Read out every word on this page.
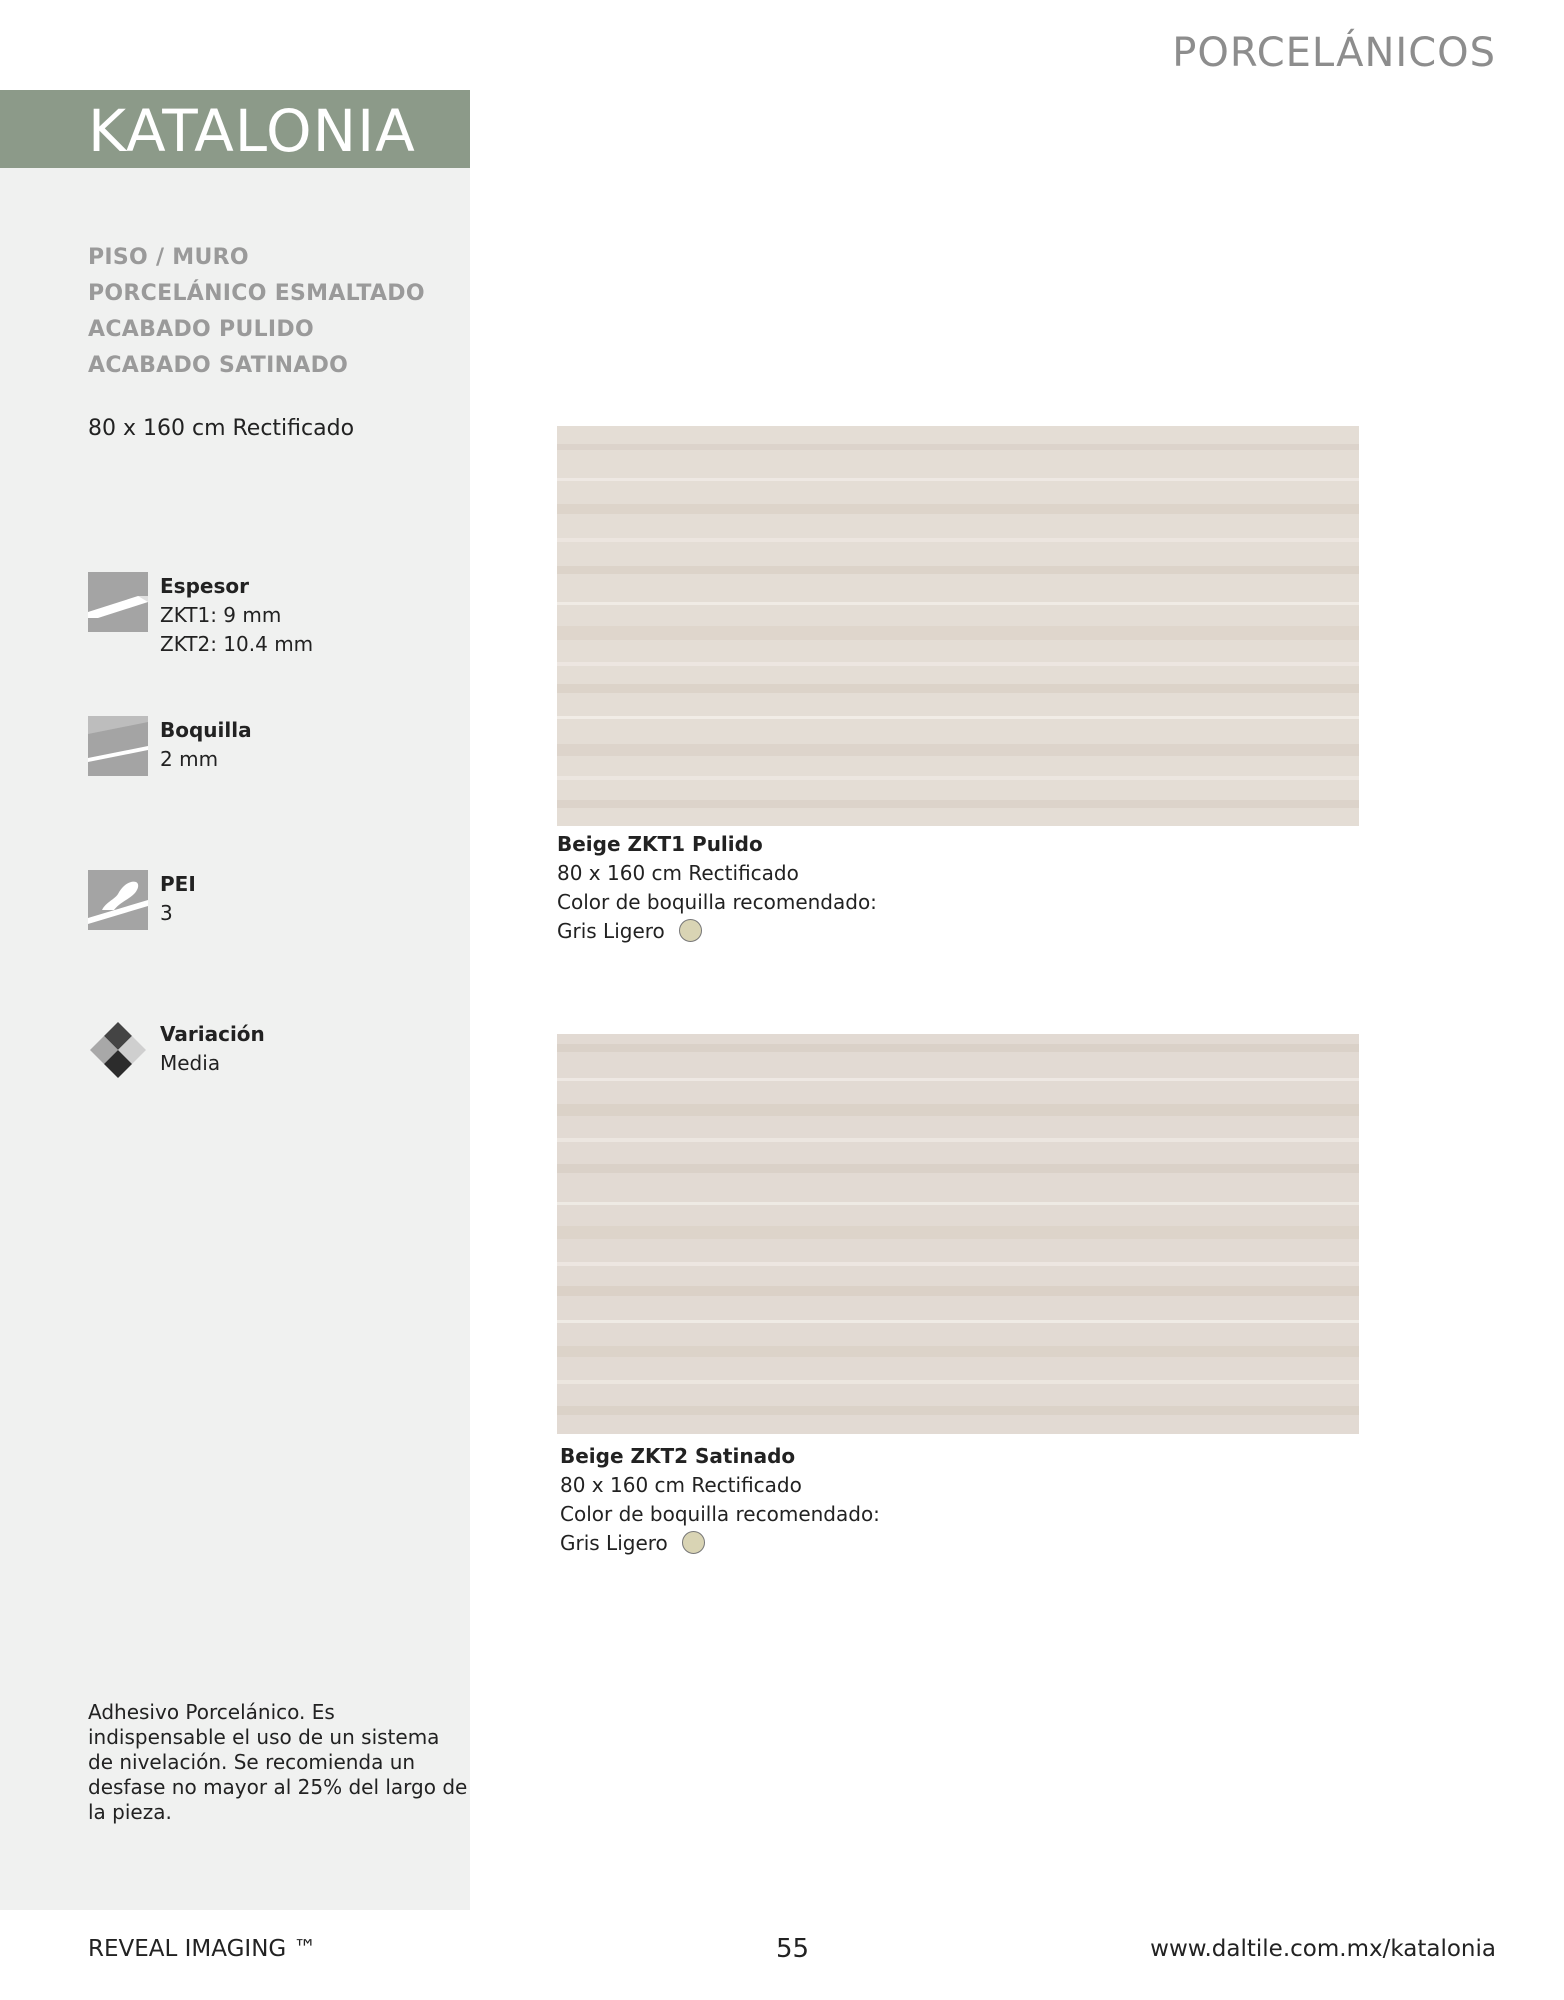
PORCELÁNICOS
KATALONIA
PISO / MURO
PORCELÁNICO ESMALTADO
ACABADO PULIDO
ACABADO SATINADO
80 x 160 cm Rectificado
Espesor
ZKT1: 9 mm
ZKT2: 10.4 mm
Boquilla
2 mm
PEI
3
Variación
Media
Adhesivo Porcelánico. Es indispensable el uso de un sistema de nivelación. Se recomienda un desfase no mayor al 25% del largo de la pieza.
Beige ZKT1 Pulido
80 x 160 cm Rectificado
Color de boquilla recomendado:
Gris Ligero
Beige ZKT2 Satinado
80 x 160 cm Rectificado
Color de boquilla recomendado:
Gris Ligero
REVEAL IMAGING ™	55	www.daltile.com.mx/katalonia
